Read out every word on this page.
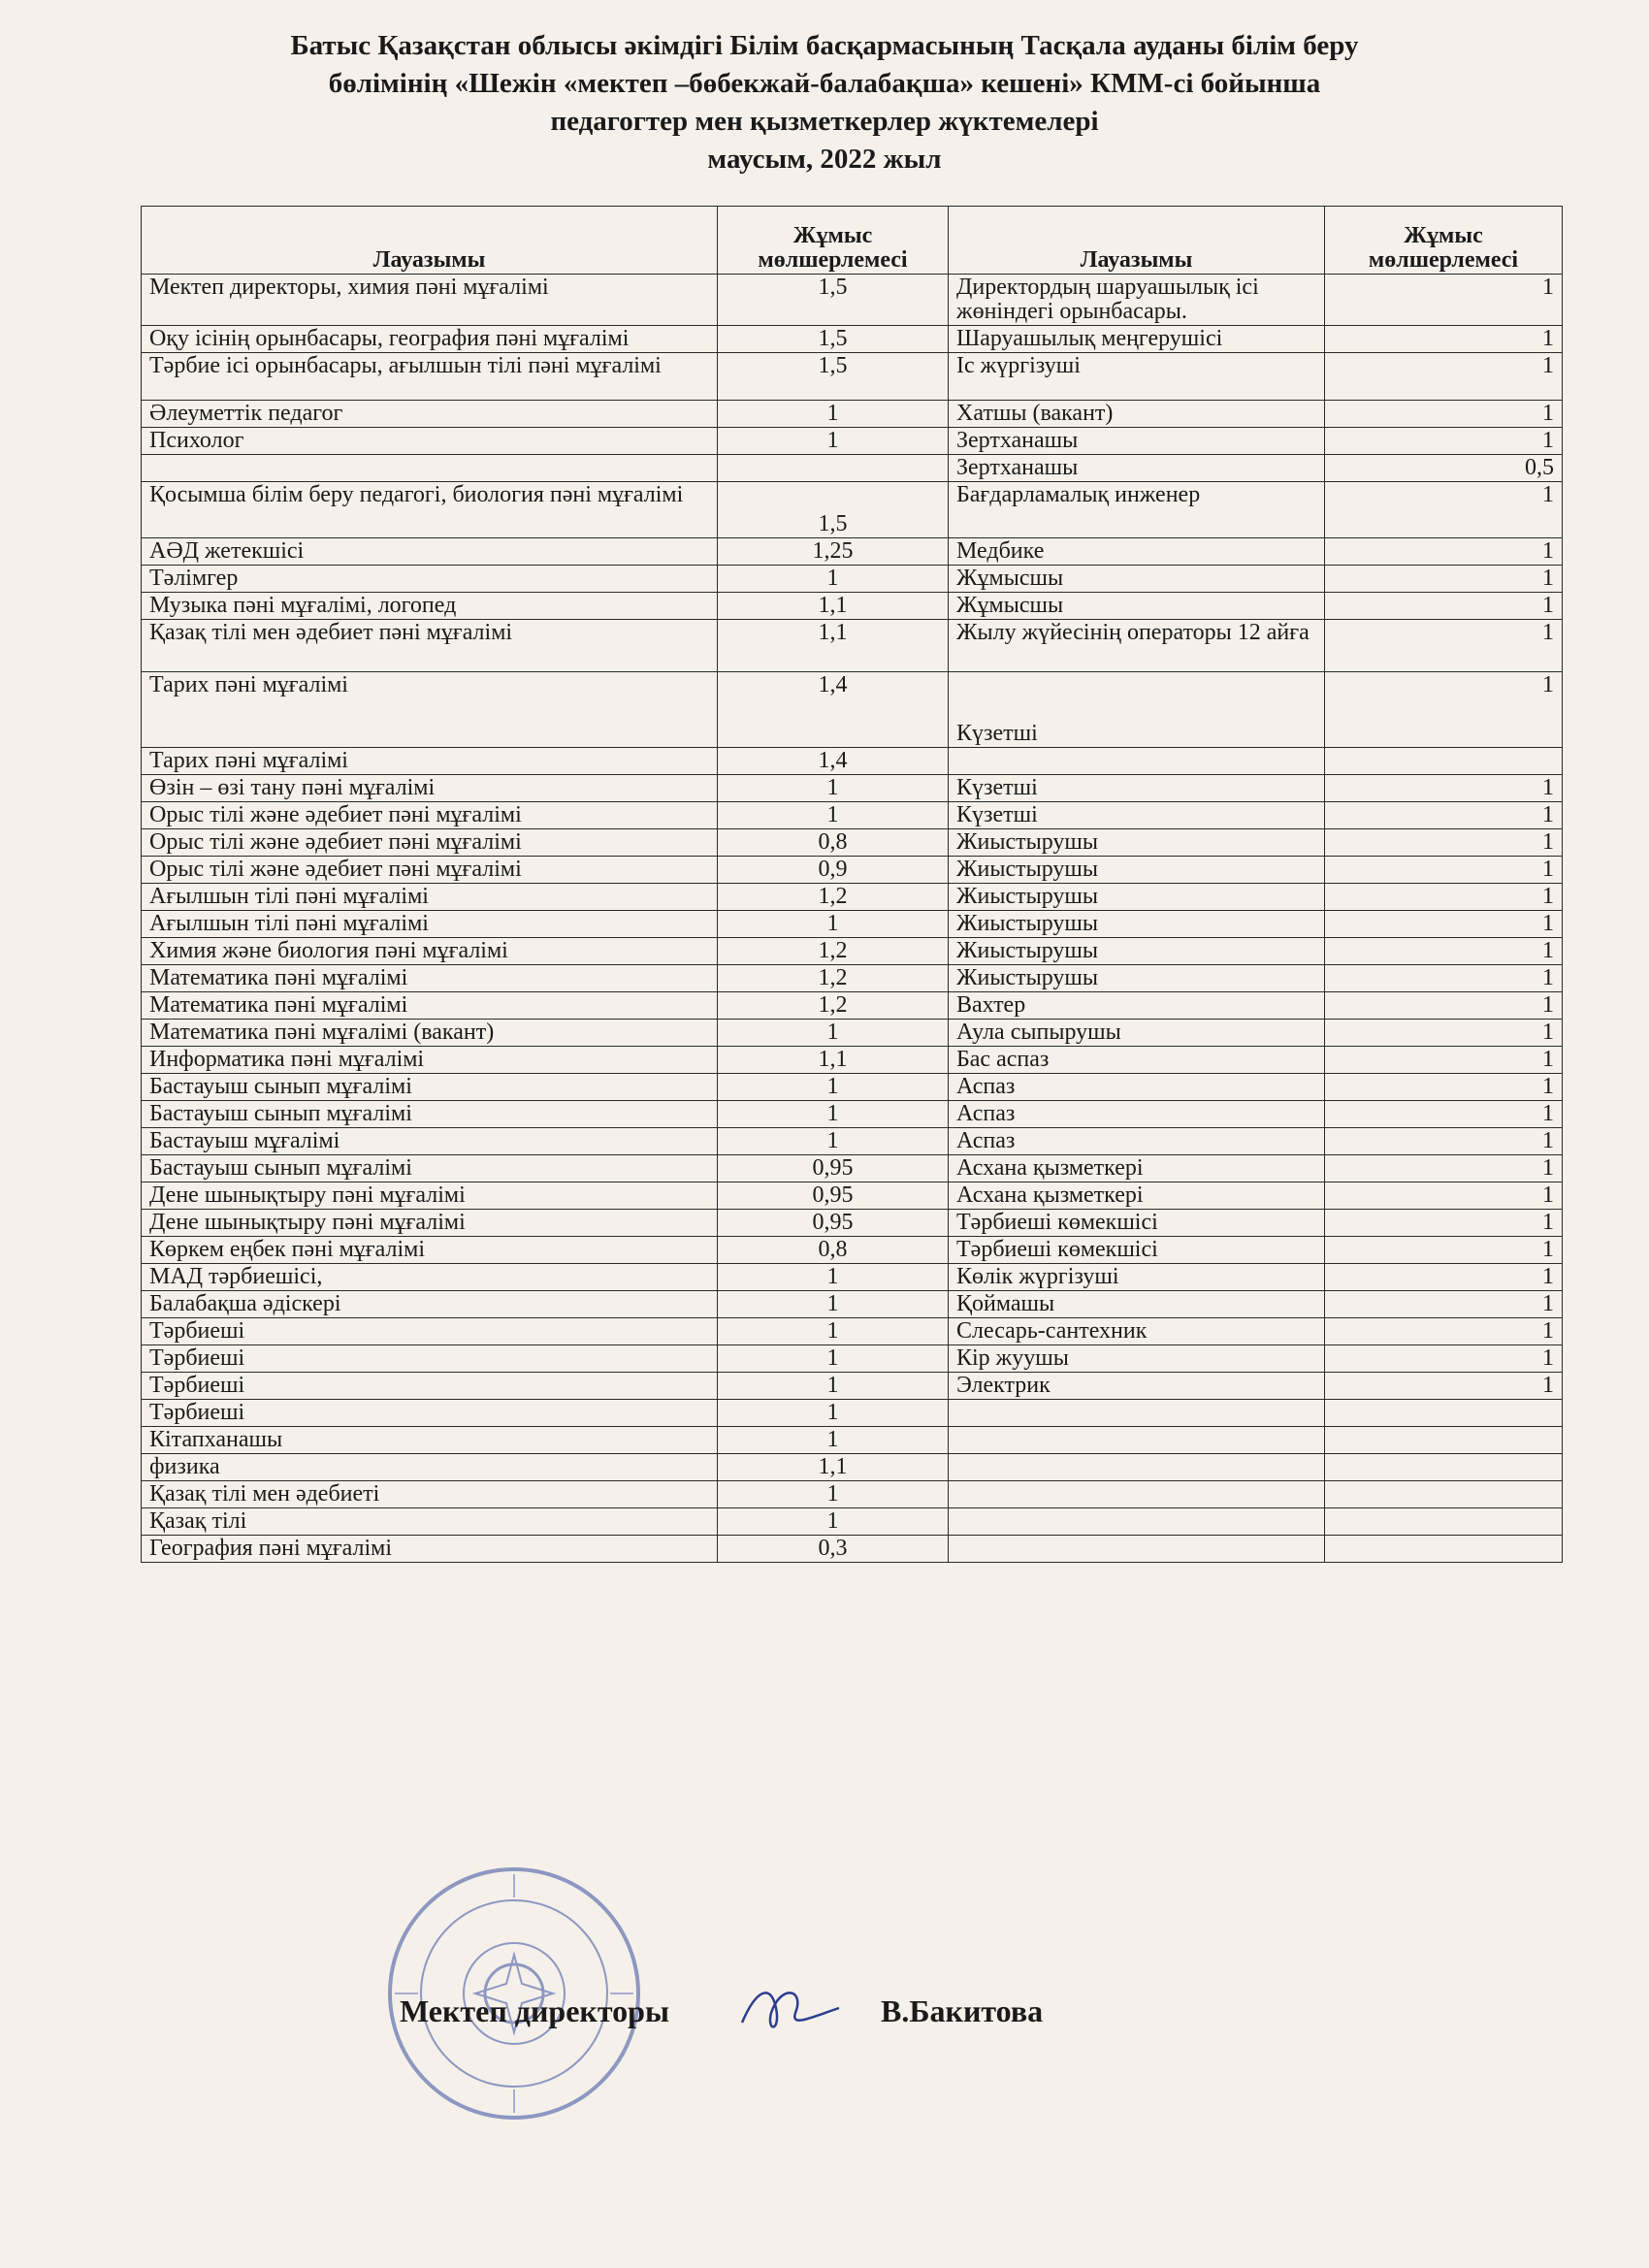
Батыс Қазақстан облысы әкімдігі Білім басқармасының Тасқала ауданы білім беру
бөлімінің «Шежін «мектеп –бөбекжай-балабақша» кешені» КММ-сі бойынша
педагогтер мен қызметкерлер жүктемелері
маусым, 2022 жыл
Лауазымы	Жұмыс мөлшерлемесі	Лауазымы	Жұмыс мөлшерлемесі
Мектеп директоры, химия пәні мұғалімі	1,5	Директордың шаруашылық ісі жөніндегі орынбасары.	1
Оқу ісінің орынбасары, география пәні мұғалімі	1,5	Шаруашылық меңгерушісі	1
Тәрбие ісі орынбасары, ағылшын тілі пәні мұғалімі	1,5	Іс жүргізуші	1
Әлеуметтік педагог	1	Хатшы (вакант)	1
Психолог	1	Зертханашы	1
		Зертханашы	0,5
Қосымша білім беру педагогі, биология пәні мұғалімі	1,5	Бағдарламалық инженер	1
АӘД жетекшісі	1,25	Медбике	1
Тәлімгер	1	Жұмысшы	1
Музыка пәні мұғалімі, логопед	1,1	Жұмысшы	1
Қазақ тілі мен әдебиет пәні мұғалімі	1,1	Жылу жүйесінің операторы 12 айға	1
Тарих пәні мұғалімі	1,4	Күзетші	1
Тарих пәні мұғалімі	1,4		
Өзін – өзі тану пәні мұғалімі	1	Күзетші	1
Орыс тілі және әдебиет пәні мұғалімі	1	Күзетші	1
Орыс тілі және әдебиет пәні мұғалімі	0,8	Жиыстырушы	1
Орыс тілі және әдебиет пәні мұғалімі	0,9	Жиыстырушы	1
Ағылшын тілі пәні мұғалімі	1,2	Жиыстырушы	1
Ағылшын тілі пәні мұғалімі	1	Жиыстырушы	1
Химия және биология пәні мұғалімі	1,2	Жиыстырушы	1
Математика пәні мұғалімі	1,2	Жиыстырушы	1
Математика пәні мұғалімі	1,2	Вахтер	1
Математика пәні мұғалімі (вакант)	1	Аула сыпырушы	1
Информатика пәні мұғалімі	1,1	Бас аспаз	1
Бастауыш сынып мұғалімі	1	Аспаз	1
Бастауыш сынып мұғалімі	1	Аспаз	1
Бастауыш мұғалімі	1	Аспаз	1
Бастауыш сынып мұғалімі	0,95	Асхана қызметкері	1
Дене шынықтыру пәні мұғалімі	0,95	Асхана қызметкері	1
Дене шынықтыру пәні мұғалімі	0,95	Тәрбиеші көмекшісі	1
Көркем еңбек пәні мұғалімі	0,8	Тәрбиеші көмекшісі	1
МАД тәрбиешісі,	1	Көлік жүргізуші	1
Балабақша әдіскері	1	Қоймашы	1
Тәрбиеші	1	Слесарь-сантехник	1
Тәрбиеші	1	Кір жуушы	1
Тәрбиеші	1	Электрик	1
Тәрбиеші	1		
Кітапханашы	1		
физика	1,1		
Қазақ тілі мен әдебиеті	1		
Қазақ тілі	1		
География пәні мұғалімі	0,3		
Мектеп директоры	В.Бакитова
